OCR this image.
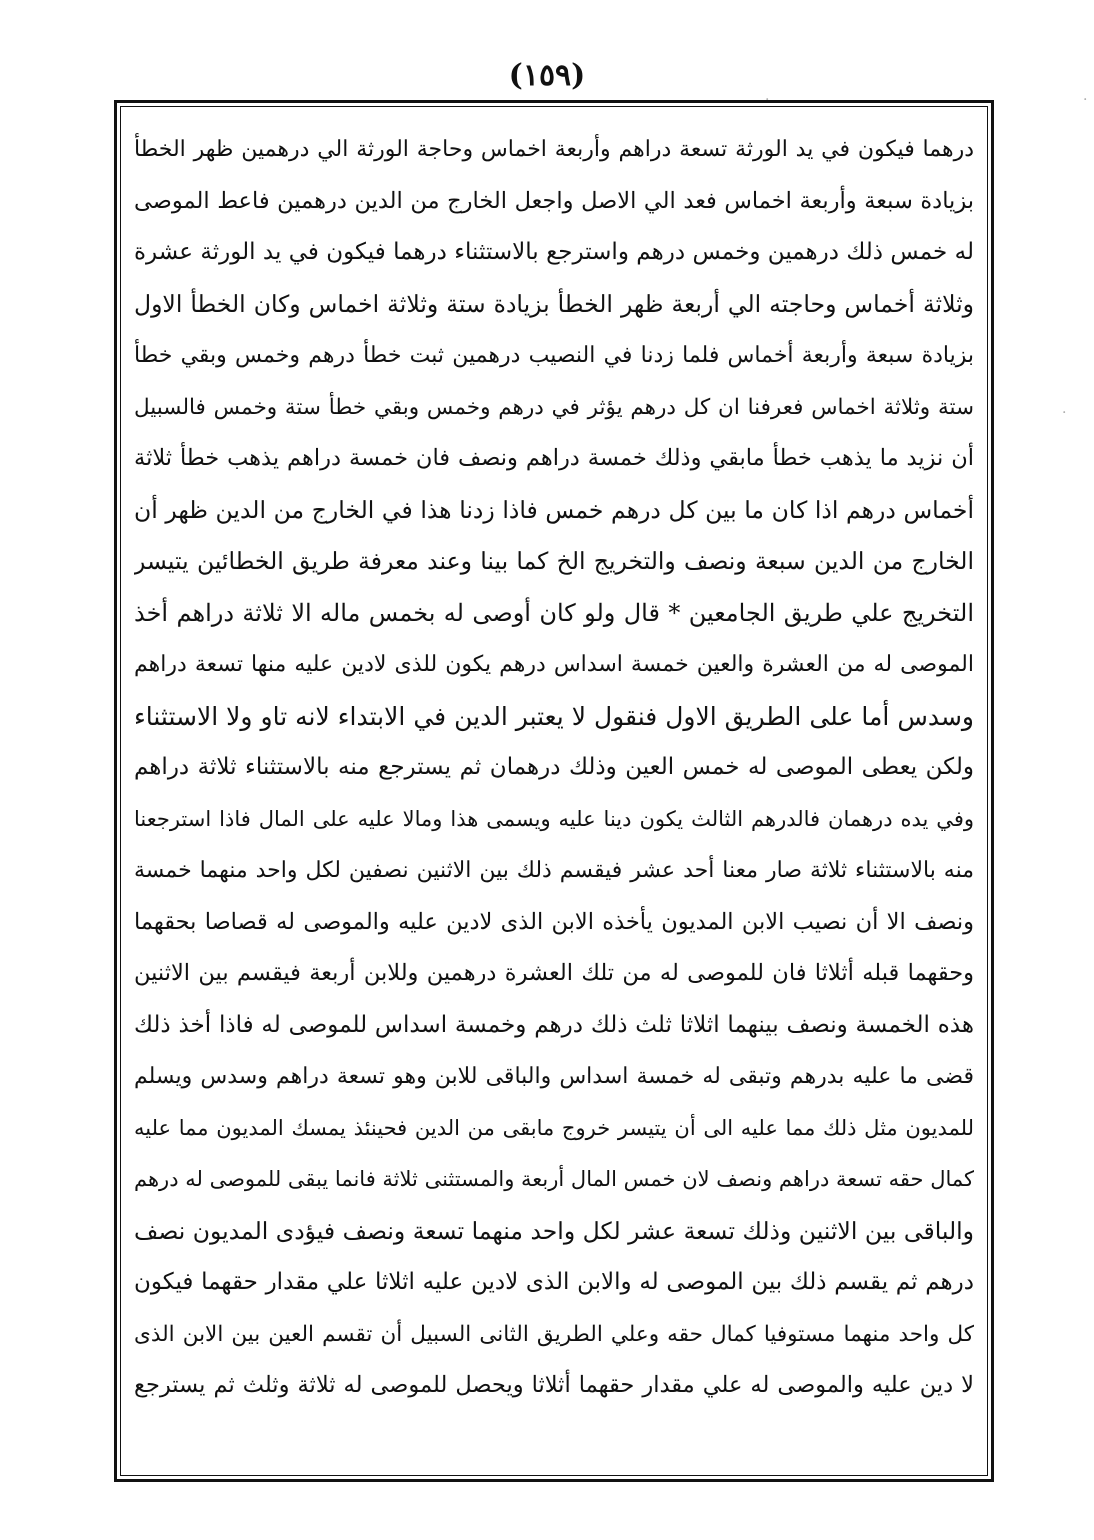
(١٥٩)
·
·
·
درهما فيكون في يد الورثة تسعة دراهم وأربعة اخماس وحاجة الورثة الي درهمين ظهر الخطأ
بزيادة سبعة وأربعة اخماس فعد الي الاصل واجعل الخارج من الدين درهمين فاعط الموصى
له خمس ذلك درهمين وخمس درهم واسترجع بالاستثناء درهما فيكون في يد الورثة عشرة
وثلاثة أخماس وحاجته الي أربعة ظهر الخطأ بزيادة ستة وثلاثة اخماس وكان الخطأ الاول
بزيادة سبعة وأربعة أخماس فلما زدنا في النصيب درهمين ثبت خطأ درهم وخمس وبقي خطأ
ستة وثلاثة اخماس فعرفنا ان كل درهم يؤثر في درهم وخمس وبقي خطأ ستة وخمس فالسبيل
أن نزيد ما يذهب خطأ مابقي وذلك خمسة دراهم ونصف فان خمسة دراهم يذهب خطأ ثلاثة
أخماس درهم اذا كان ما بين كل درهم خمس فاذا زدنا هذا في الخارج من الدين ظهر أن
الخارج من الدين سبعة ونصف والتخريج الخ كما بينا وعند معرفة طريق الخطائين يتيسر
التخريج علي طريق الجامعين * قال ولو كان أوصى له بخمس ماله الا ثلاثة دراهم أخذ
الموصى له من العشرة والعين خمسة اسداس درهم يكون للذى لادين عليه منها تسعة دراهم
وسدس أما على الطريق الاول فنقول لا يعتبر الدين في الابتداء لانه تاو ولا الاستثناء
ولكن يعطى الموصى له خمس العين وذلك درهمان ثم يسترجع منه بالاستثناء ثلاثة دراهم
وفي يده درهمان فالدرهم الثالث يكون دينا عليه ويسمى هذا ومالا عليه على المال فاذا استرجعنا
منه بالاستثناء ثلاثة صار معنا أحد عشر فيقسم ذلك بين الاثنين نصفين لكل واحد منهما خمسة
ونصف الا أن نصيب الابن المديون يأخذه الابن الذى لادين عليه والموصى له قصاصا بحقهما
وحقهما قبله أثلاثا فان للموصى له من تلك العشرة درهمين وللابن أربعة فيقسم بين الاثنين
هذه الخمسة ونصف بينهما اثلاثا ثلث ذلك درهم وخمسة اسداس للموصى له فاذا أخذ ذلك
قضى ما عليه بدرهم وتبقى له خمسة اسداس والباقى للابن وهو تسعة دراهم وسدس ويسلم
للمديون مثل ذلك مما عليه الى أن يتيسر خروج مابقى من الدين فحينئذ يمسك المديون مما عليه
كمال حقه تسعة دراهم ونصف لان خمس المال أربعة والمستثنى ثلاثة فانما يبقى للموصى له درهم
والباقى بين الاثنين وذلك تسعة عشر لكل واحد منهما تسعة ونصف فيؤدى المديون نصف
درهم ثم يقسم ذلك بين الموصى له والابن الذى لادين عليه اثلاثا علي مقدار حقهما فيكون
كل واحد منهما مستوفيا كمال حقه وعلي الطريق الثانى السبيل أن تقسم العين بين الابن الذى
لا دين عليه والموصى له علي مقدار حقهما أثلاثا ويحصل للموصى له ثلاثة وثلث ثم يسترجع
